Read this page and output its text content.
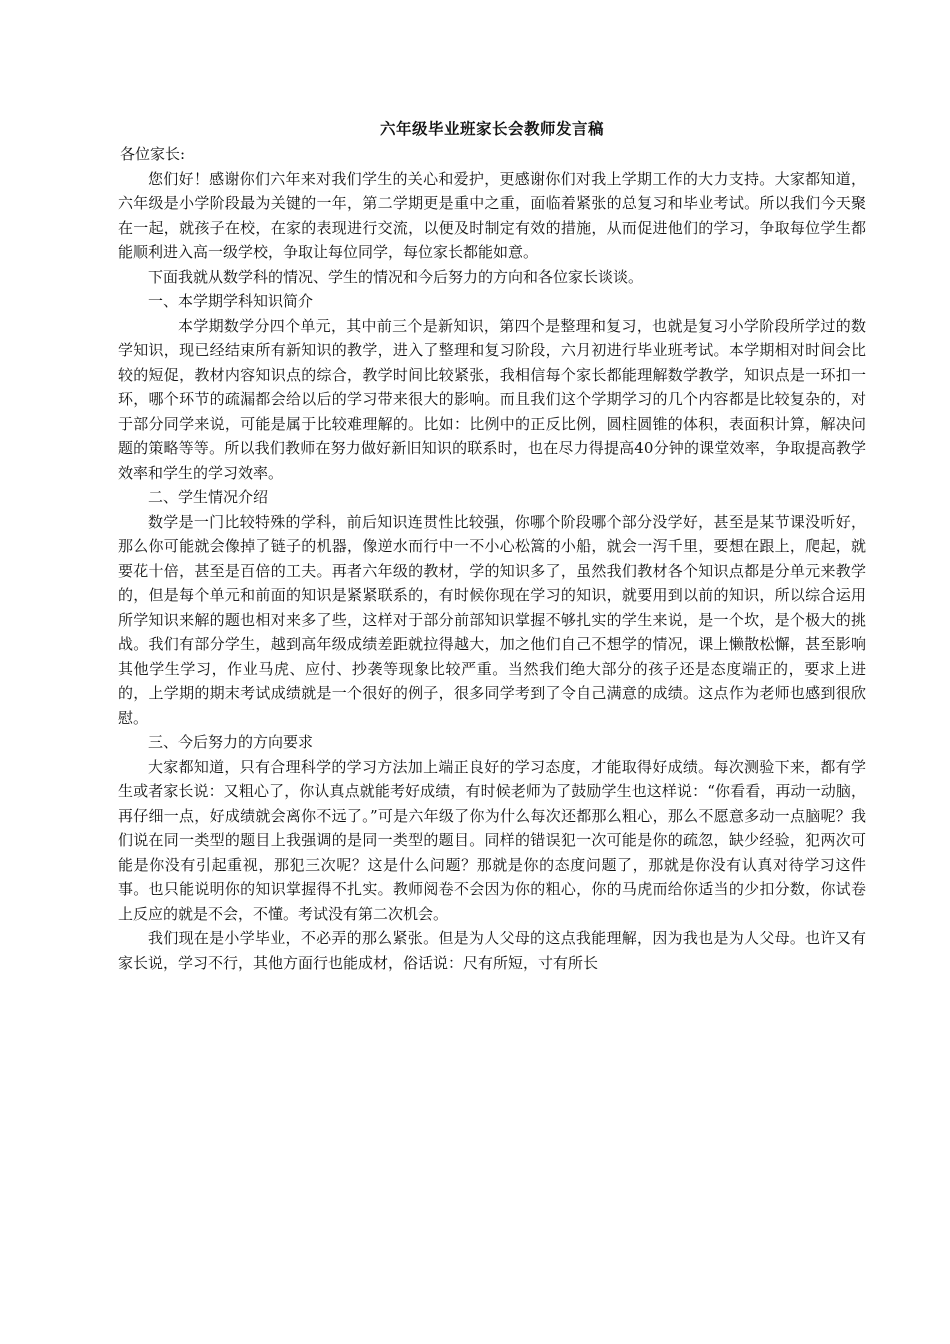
六年级毕业班家长会教师发言稿
各位家长:

您们好！感谢你们六年来对我们学生的关心和爱护，更感谢你们对我上学期工作的大力支持。大家都知道，六年级是小学阶段最为关键的一年，第二学期更是重中之重，面临着紧张的总复习和毕业考试。所以我们今天聚在一起，就孩子在校，在家的表现进行交流，以便及时制定有效的措施，从而促进他们的学习，争取每位学生都能顺利进入高一级学校，争取让每位同学，每位家长都能如意。

下面我就从数学科的情况、学生的情况和今后努力的方向和各位家长谈谈。

一、本学期学科知识简介

本学期数学分四个单元，其中前三个是新知识，第四个是整理和复习，也就是复习小学阶段所学过的数学知识，现已经结束所有新知识的教学，进入了整理和复习阶段，六月初进行毕业班考试。本学期相对时间会比较的短促，教材内容知识点的综合，教学时间比较紧张，我相信每个家长都能理解数学教学，知识点是一环扣一环，哪个环节的疏漏都会给以后的学习带来很大的影响。而且我们这个学期学习的几个内容都是比较复杂的，对于部分同学来说，可能是属于比较难理解的。比如：比例中的正反比例，圆柱圆锥的体积，表面积计算，解决问题的策略等等。所以我们教师在努力做好新旧知识的联系时，也在尽力得提高40分钟的课堂效率，争取提高教学效率和学生的学习效率。

二、学生情况介绍

数学是一门比较特殊的学科，前后知识连贯性比较强，你哪个阶段哪个部分没学好，甚至是某节课没听好，那么你可能就会像掉了链子的机器，像逆水而行中一不小心松篙的小船，就会一泻千里，要想在跟上，爬起，就要花十倍，甚至是百倍的工夫。再者六年级的教材，学的知识多了，虽然我们教材各个知识点都是分单元来教学的，但是每个单元和前面的知识是紧紧联系的，有时候你现在学习的知识，就要用到以前的知识，所以综合运用所学知识来解的题也相对来多了些，这样对于部分前部知识掌握不够扎实的学生来说，是一个坎，是个极大的挑战。我们有部分学生，越到高年级成绩差距就拉得越大，加之他们自己不想学的情况，课上懒散松懈，甚至影响其他学生学习，作业马虎、应付、抄袭等现象比较严重。当然我们绝大部分的孩子还是态度端正的，要求上进的，上学期的期末考试成绩就是一个很好的例子，很多同学考到了令自己满意的成绩。这点作为老师也感到很欣慰。

三、今后努力的方向要求

大家都知道，只有合理科学的学习方法加上端正良好的学习态度，才能取得好成绩。每次测验下来，都有学生或者家长说：又粗心了，你认真点就能考好成绩，有时候老师为了鼓励学生也这样说：“你看看，再动一动脑，再仔细一点，好成绩就会离你不远了。”可是六年级了你为什么每次还都那么粗心，那么不愿意多动一点脑呢？我们说在同一类型的题目上我强调的是同一类型的题目。同样的错误犯一次可能是你的疏忽，缺少经验，犯两次可能是你没有引起重视，那犯三次呢？这是什么问题？那就是你的态度问题了，那就是你没有认真对待学习这件事。也只能说明你的知识掌握得不扎实。教师阅卷不会因为你的粗心，你的马虎而给你适当的少扣分数，你试卷上反应的就是不会，不懂。考试没有第二次机会。

我们现在是小学毕业，不必弄的那么紧张。但是为人父母的这点我能理解，因为我也是为人父母。也许又有家长说，学习不行，其他方面行也能成材，俗话说：尺有所短，寸有所长
